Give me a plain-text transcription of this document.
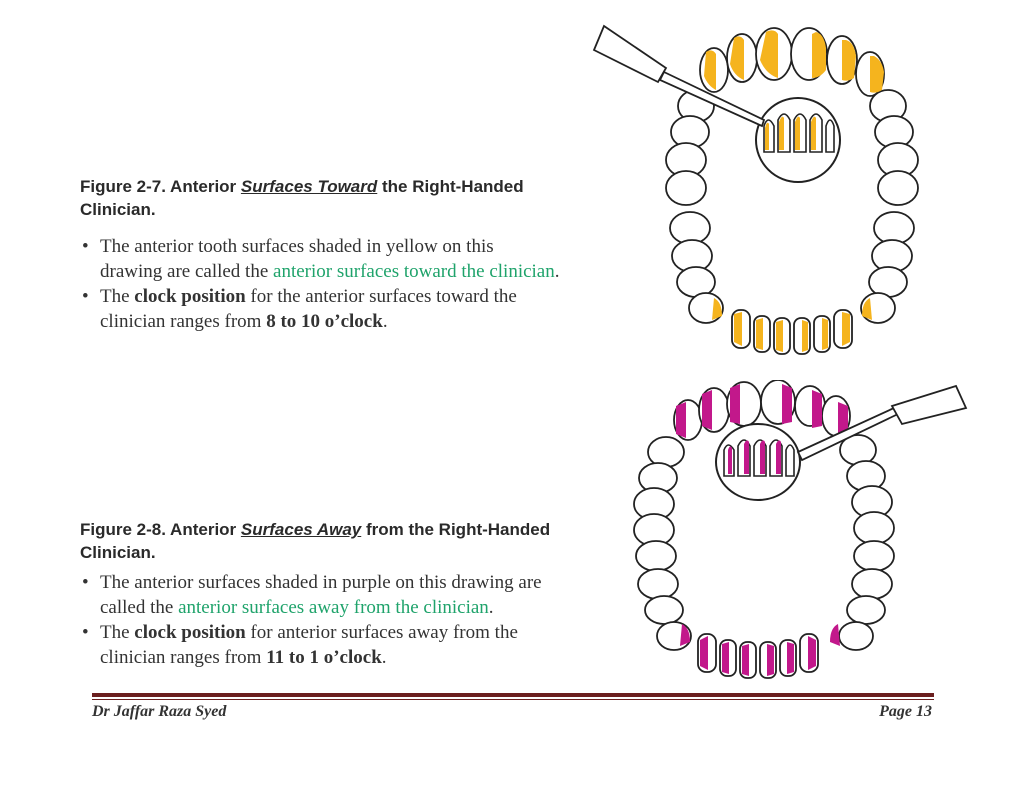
Figure 2-7. Anterior Surfaces Toward the Right-Handed Clinician.
• The anterior tooth surfaces shaded in yellow on this drawing are called the anterior surfaces toward the clinician.
• The clock position for the anterior surfaces toward the clinician ranges from 8 to 10 o’clock.
Figure 2-8. Anterior Surfaces Away from the Right-Handed Clinician.
• The anterior surfaces shaded in purple on this drawing are called the anterior surfaces away from the clinician.
• The clock position for anterior surfaces away from the clinician ranges from 11 to 1 o’clock.
Dr Jaffar Raza Syed	Page 13
